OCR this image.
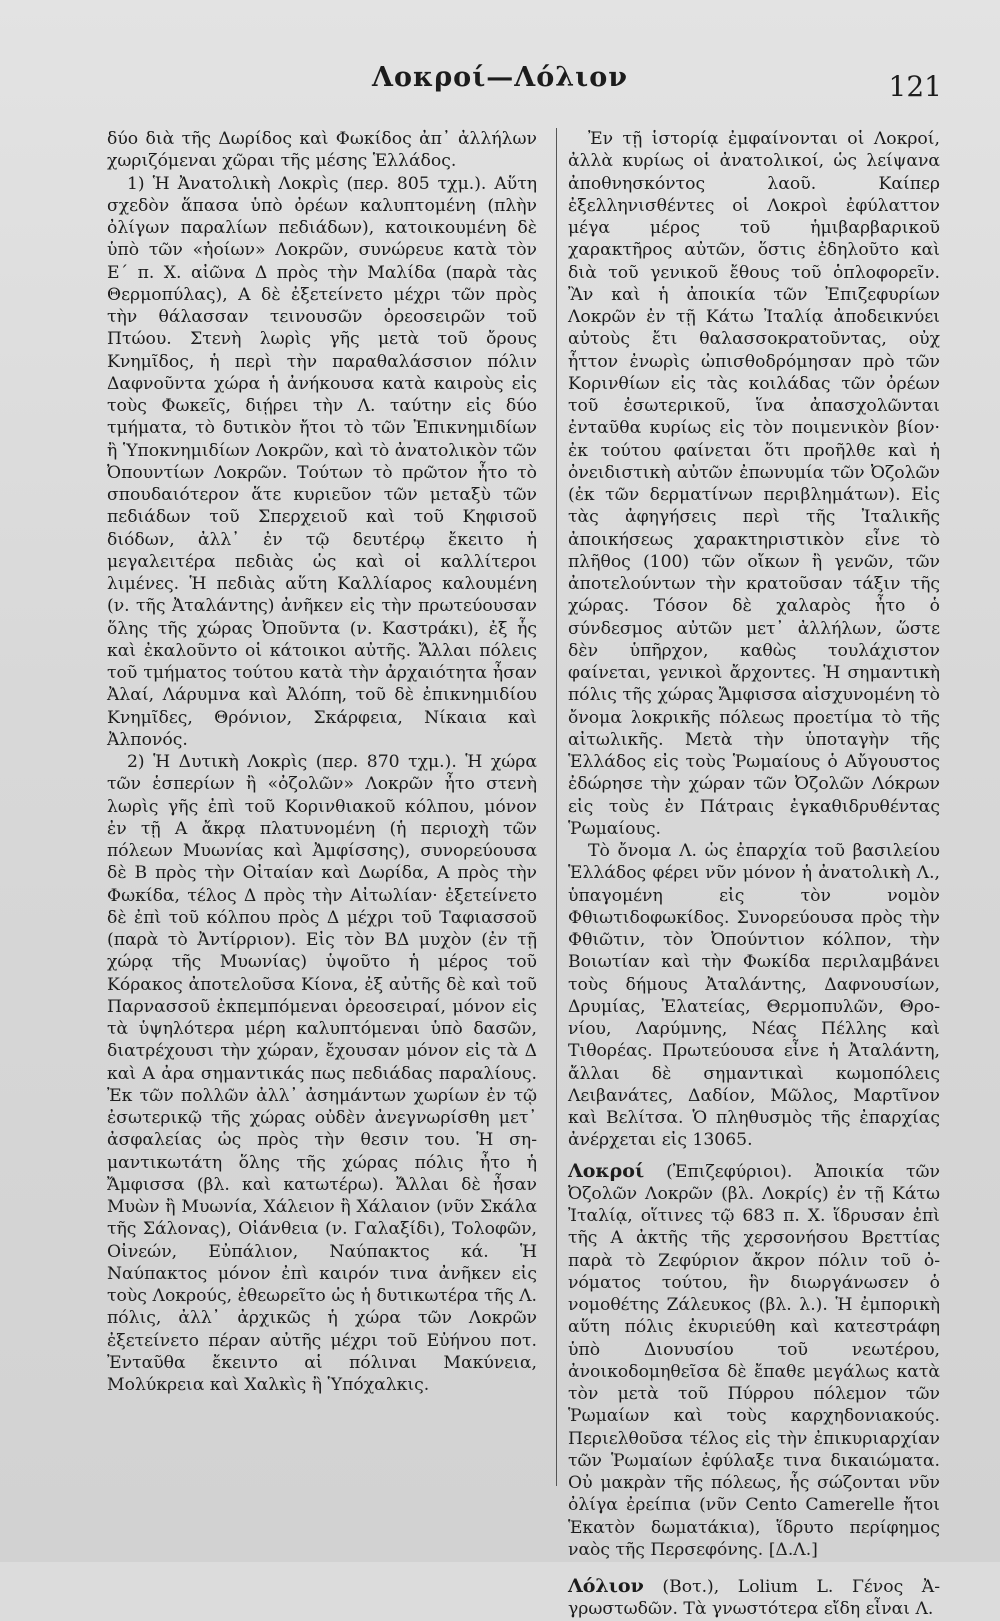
Λοκροί—Λόλιον	121

δύο διὰ τῆς Δωρίδος καὶ Φωκίδος ἀπ᾽ ἀλλήλων χωριζόμεναι χῶραι τῆς μέσης Ἑλλάδος.

1) Ἡ Ἀνατολικὴ Λοκρὶς (περ. 805 τχμ.). Αὕτη σχεδὸν ἅπασα ὑπὸ ὀρέων καλυπτομένη (πλὴν ὀλίγων παραλίων πεδιάδων), κατοικουμένη δὲ ὑπὸ τῶν «ἠοίων» Λοκρῶν, συνώρευε κατὰ τὸν Ε΄ π. Χ. αἰῶνα Δ πρὸς τὴν Μαλίδα (παρὰ τὰς Θερμοπύλας), Α δὲ ἐξετείνετο μέχρι τῶν πρὸς τὴν θάλασσαν τεινουσῶν ὀρεοσειρῶν τοῦ Πτώου. Στενὴ λωρὶς γῆς μετὰ τοῦ ὄρους Κνημῖδος, ἡ περὶ τὴν παραθαλάσσιον πόλιν Δαφνοῦντα χώρα ἡ ἀνήκουσα κατὰ καιροὺς εἰς τοὺς Φωκεῖς, διῄρει τὴν Λ. ταύτην εἰς δύο τμήματα, τὸ δυτικὸν ἤτοι τὸ τῶν Ἐπικνημιδίων ἢ Ὑποκνημιδίων Λοκρῶν, καὶ τὸ ἀνατολικὸν τῶν Ὀπουντίων Λοκρῶν. Τούτων τὸ πρῶτον ἦτο τὸ σπουδαιότερον ἅτε κυριεῦον τῶν μεταξὺ τῶν πεδιάδων τοῦ Σπερχειοῦ καὶ τοῦ Κηφισοῦ διόδων, ἀλλ᾽ ἐν τῷ δευτέρῳ ἔκειτο ἡ μεγαλειτέρα πεδιὰς ὡς καὶ οἱ καλλίτεροι λιμένες. Ἡ πεδιὰς αὕτη Καλλίαρος καλουμένη (ν. τῆς Ἀταλάντης) ἀνῆκεν εἰς τὴν πρωτεύουσαν ὅλης τῆς χώρας Ὀποῦντα (ν. Καστράκι), ἐξ ἧς καὶ ἐκαλοῦντο οἱ κάτοικοι αὐτῆς. Ἄλλαι πόλεις τοῦ τμήματος τούτου κατὰ τὴν ἀρχαιότητα ἦσαν Ἀλαί, Λάρυμνα καὶ Ἀλόπη, τοῦ δὲ ἐπικνημιδίου Κνημῖδες, Θρόνιον, Σκάρφεια, Νίκαια καὶ Ἀλπονός.

2) Ἡ Δυτικὴ Λοκρὶς (περ. 870 τχμ.). Ἡ χώρα τῶν ἑσπερίων ἢ «ὀζολῶν» Λοκρῶν ἦτο στενὴ λωρὶς γῆς ἐπὶ τοῦ Κορινθιακοῦ κόλπου, μόνον ἐν τῇ Α ἄκρᾳ πλατυνομένη (ἡ περιοχὴ τῶν πόλεων Μυωνίας καὶ Ἀμφίσσης), συνορεύουσα δὲ Β πρὸς τὴν Οἰταίαν καὶ Δωρίδα, Α πρὸς τὴν Φωκίδα, τέλος Δ πρὸς τὴν Αἰτωλίαν· ἐξετείνετο δὲ ἐπὶ τοῦ κόλπου πρὸς Δ μέχρι τοῦ Ταφιασσοῦ (παρὰ τὸ Ἀντίρριον). Εἰς τὸν ΒΔ μυχὸν (ἐν τῇ χώρᾳ τῆς Μυωνίας) ὑψοῦτο ἡ μέρος τοῦ Κόρακος ἀποτελοῦσα Κίονα, ἐξ αὐτῆς δὲ καὶ τοῦ Παρνασσοῦ ἐκπεμπόμεναι ὀρεοσειραί, μόνον εἰς τὰ ὑψηλότερα μέρη καλυπτόμεναι ὑπὸ δασῶν, διατρέχουσι τὴν χώραν, ἔχουσαν μόνον εἰς τὰ Δ καὶ Α ἀρα σημαντικάς πως πεδιάδας παραλίους. Ἐκ τῶν πολλῶν ἀλλ᾽ ἀσημάντων χωρίων ἐν τῷ ἐσωτερικῷ τῆς χώρας οὐδὲν ἀνεγνωρίσθη μετ᾽ ἀσφαλείας ὡς πρὸς τὴν θεσιν του. Ἡ σημαντικωτάτη ὅλης τῆς χώρας πόλις ἦτο ἡ Ἄμφισσα (βλ. καὶ κατωτέρω). Ἄλλαι δὲ ἦσαν Μυὼν ἢ Μυωνία, Χάλειον ἢ Χάλαιον (νῦν Σκάλα τῆς Σάλονας), Οἰάνθεια (ν. Γαλαξίδι), Τολοφῶν, Οἰνεών, Εὐπάλιον, Ναύπακτος κά. Ἡ Ναύπακτος μόνον ἐπὶ καιρόν τινα ἀνῆκεν εἰς τοὺς Λοκρούς, ἐθεωρεῖτο ὡς ἡ δυτικωτέρα τῆς Λ. πόλις, ἀλλ᾽ ἀρχικῶς ἡ χώρα τῶν Λοκρῶν ἐξετείνετο πέραν αὐτῆς μέχρι τοῦ Εὐήνου ποτ. Ἐνταῦθα ἔκειντο αἱ πόλιναι Μακύνεια, Μολύκρεια καὶ Χαλκὶς ἢ Ὑπόχαλκις.

Ἐν τῇ ἱστορίᾳ ἐμφαίνονται οἱ Λοκροί, ἀλλὰ κυρίως οἱ ἀνατολικοί, ὡς λείψανα ἀποθνησκόντος λαοῦ. Καίπερ ἐξελληνισθέντες οἱ Λοκροὶ ἐφύλαττον μέγα μέρος τοῦ ἡμιβαρβαρικοῦ χαρακτῆρος αὐτῶν, ὅστις ἐδηλοῦτο καὶ διὰ τοῦ γενικοῦ ἔθους τοῦ ὁπλοφορεῖν. Ἂν καὶ ἡ ἀποικία τῶν Ἐπιζεφυρίων Λοκρῶν ἐν τῇ Κάτω Ἰταλίᾳ ἀποδεικνύει αὐτοὺς ἔτι θαλασσοκρατοῦντας, οὐχ ἧττον ἐνωρὶς ὠπισθοδρόμησαν πρὸ τῶν Κορινθίων εἰς τὰς κοιλάδας τῶν ὀρέων τοῦ ἐσωτερικοῦ, ἵνα ἀπασχολῶνται ἐνταῦθα κυρίως εἰς τὸν ποιμενικὸν βίον· ἐκ τούτου φαίνεται ὅτι προῆλθε καὶ ἡ ὀνειδιστικὴ αὐτῶν ἐπωνυμία τῶν Ὀζολῶν (ἐκ τῶν δερματίνων περιβλημάτων). Εἰς τὰς ἀφηγήσεις περὶ τῆς Ἰταλικῆς ἀποικήσεως χαρακτηριστικὸν εἶνε τὸ πλῆθος (100) τῶν οἴκων ἢ γενῶν, τῶν ἀποτελούντων τὴν κρατοῦσαν τάξιν τῆς χώρας. Τόσον δὲ χαλαρὸς ἦτο ὁ σύνδεσμος αὐτῶν μετ᾽ ἀλλήλων, ὥστε δὲν ὑπῆρχον, καθὼς τουλάχιστον φαίνεται, γενικοὶ ἄρχοντες. Ἡ σημαντικὴ πόλις τῆς χώρας Ἄμφισσα αἰσχυνομένη τὸ ὄνομα λοκρικῆς πόλεως προετίμα τὸ τῆς αἰτωλικῆς. Μετὰ τὴν ὑποταγὴν τῆς Ἑλλάδος εἰς τοὺς Ῥωμαίους ὁ Αὔγουστος ἐδώρησε τὴν χώραν τῶν Ὀζολῶν Λόκρων εἰς τοὺς ἐν Πάτραις ἐγκαθιδρυθέντας Ῥωμαίους.

Τὸ ὄνομα Λ. ὡς ἐπαρχία τοῦ βασιλείου Ἑλλάδος φέρει νῦν μόνον ἡ ἀνατολικὴ Λ., ὑπαγομένη εἰς τὸν νομὸν Φθιωτιδοφωκίδος. Συνορεύουσα πρὸς τὴν Φθιῶτιν, τὸν Ὀπούντιον κόλπον, τὴν Βοιωτίαν καὶ τὴν Φωκίδα περιλαμβάνει τοὺς δήμους Ἀταλάντης, Δαφνουσίων, Δρυμίας, Ἐλατείας, Θερμοπυλῶν, Θρονίου, Λαρύμνης, Νέας Πέλλης καὶ Τιθορέας. Πρωτεύουσα εἶνε ἡ Ἀταλάντη, ἄλλαι δὲ σημαντικαὶ κωμοπόλεις Λειβανάτες, Δαδίον, Μῶλος, Μαρτῖνον καὶ Βελίτσα. Ὁ πληθυσμὸς τῆς ἐπαρχίας ἀνέρχεται εἰς 13065.

Λοκροί (Ἐπιζεφύριοι). Ἀποικία τῶν Ὀζολῶν Λοκρῶν (βλ. Λοκρίς) ἐν τῇ Κάτω Ἰταλίᾳ, οἵτινες τῷ 683 π. Χ. ἵδρυσαν ἐπὶ τῆς Α ἀκτῆς τῆς χερσονήσου Βρεττίας παρὰ τὸ Ζεφύριον ἄκρον πόλιν τοῦ ὀνόματος τούτου, ἣν διωργάνωσεν ὁ νομοθέτης Ζάλευκος (βλ. λ.). Ἡ ἐμπορικὴ αὕτη πόλις ἐκυριεύθη καὶ κατεστράφη ὑπὸ Διονυσίου τοῦ νεωτέρου, ἀνοικοδομηθεῖσα δὲ ἔπαθε μεγάλως κατὰ τὸν μετὰ τοῦ Πύρρου πόλεμον τῶν Ῥωμαίων καὶ τοὺς καρχηδονιακούς. Περιελθοῦσα τέλος εἰς τὴν ἐπικυριαρχίαν τῶν Ῥωμαίων ἐφύλαξε τινα δικαιώματα. Οὐ μακρὰν τῆς πόλεως, ἧς σώζονται νῦν ὀλίγα ἐρείπια (νῦν Cento Camerelle ἤτοι Ἑκατὸν δωματάκια), ἵδρυτο περίφημος ναὸς τῆς Περσεφόνης. [Δ.Λ.]

Λόλιον (Βοτ.), Lolium L. Γένος Ἀγρωστωδῶν. Τὰ γνωστότερα εἴδη εἶναι Λ.
